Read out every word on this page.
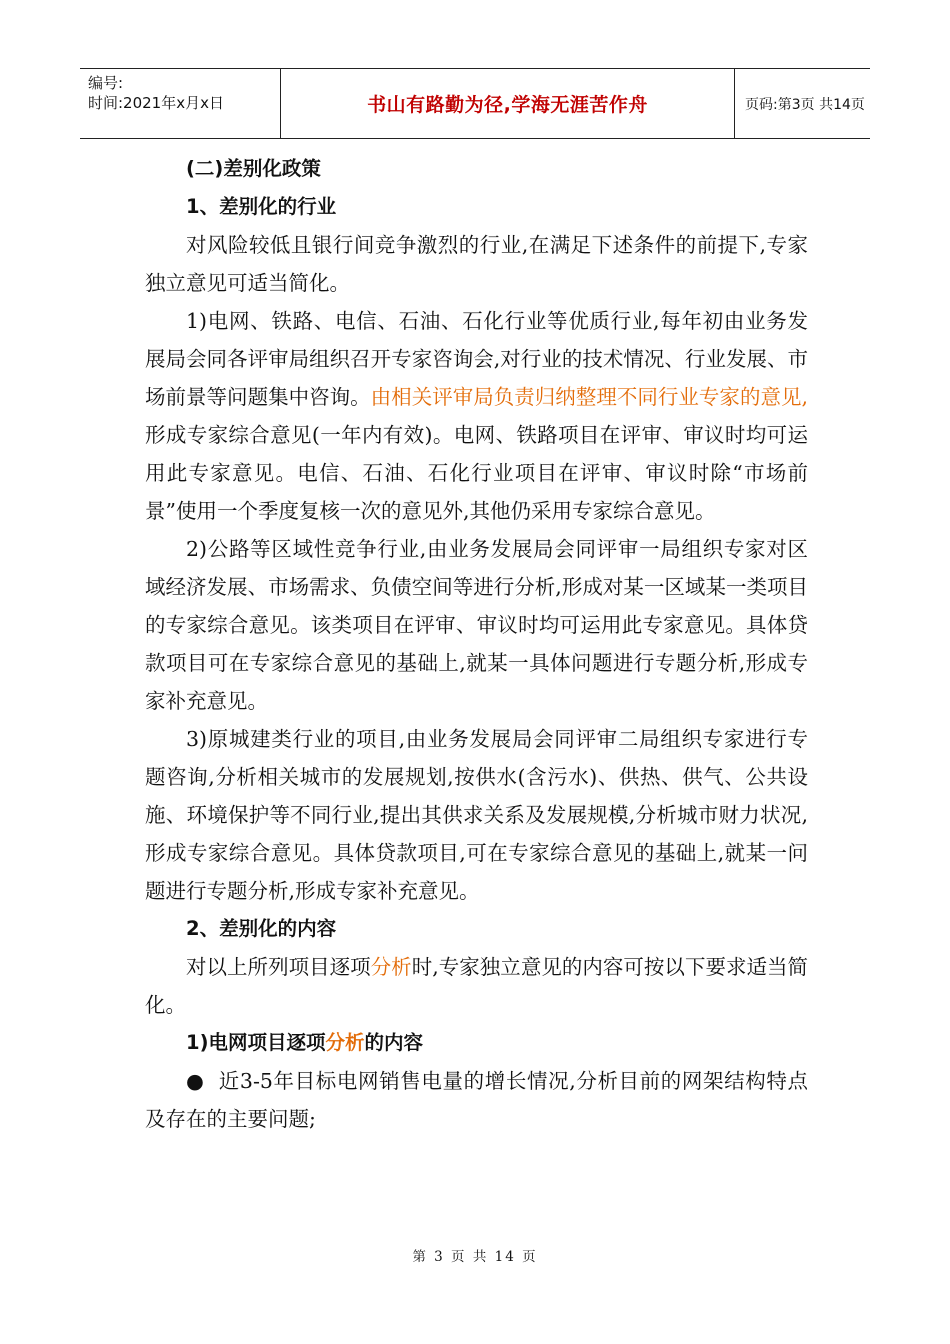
编号:
时间:2021年x月x日	书山有路勤为径,学海无涯苦作舟	页码:第3页 共14页

(二)差别化政策

1、差别化的行业

对风险较低且银行间竞争激烈的行业,在满足下述条件的前提下,专家独立意见可适当简化。

1)电网、铁路、电信、石油、石化行业等优质行业,每年初由业务发展局会同各评审局组织召开专家咨询会,对行业的技术情况、行业发展、市场前景等问题集中咨询。由相关评审局负责归纳整理不同行业专家的意见,形成专家综合意见(一年内有效)。电网、铁路项目在评审、审议时均可运用此专家意见。电信、石油、石化行业项目在评审、审议时除“市场前景”使用一个季度复核一次的意见外,其他仍采用专家综合意见。

2)公路等区域性竞争行业,由业务发展局会同评审一局组织专家对区域经济发展、市场需求、负债空间等进行分析,形成对某一区域某一类项目的专家综合意见。该类项目在评审、审议时均可运用此专家意见。具体贷款项目可在专家综合意见的基础上,就某一具体问题进行专题分析,形成专家补充意见。

3)原城建类行业的项目,由业务发展局会同评审二局组织专家进行专题咨询,分析相关城市的发展规划,按供水(含污水)、供热、供气、公共设施、环境保护等不同行业,提出其供求关系及发展规模,分析城市财力状况,形成专家综合意见。具体贷款项目,可在专家综合意见的基础上,就某一问题进行专题分析,形成专家补充意见。

2、差别化的内容

对以上所列项目逐项分析时,专家独立意见的内容可按以下要求适当简化。

1)电网项目逐项分析的内容

● 近3-5年目标电网销售电量的增长情况,分析目前的网架结构特点及存在的主要问题;

第 3 页 共 14 页
